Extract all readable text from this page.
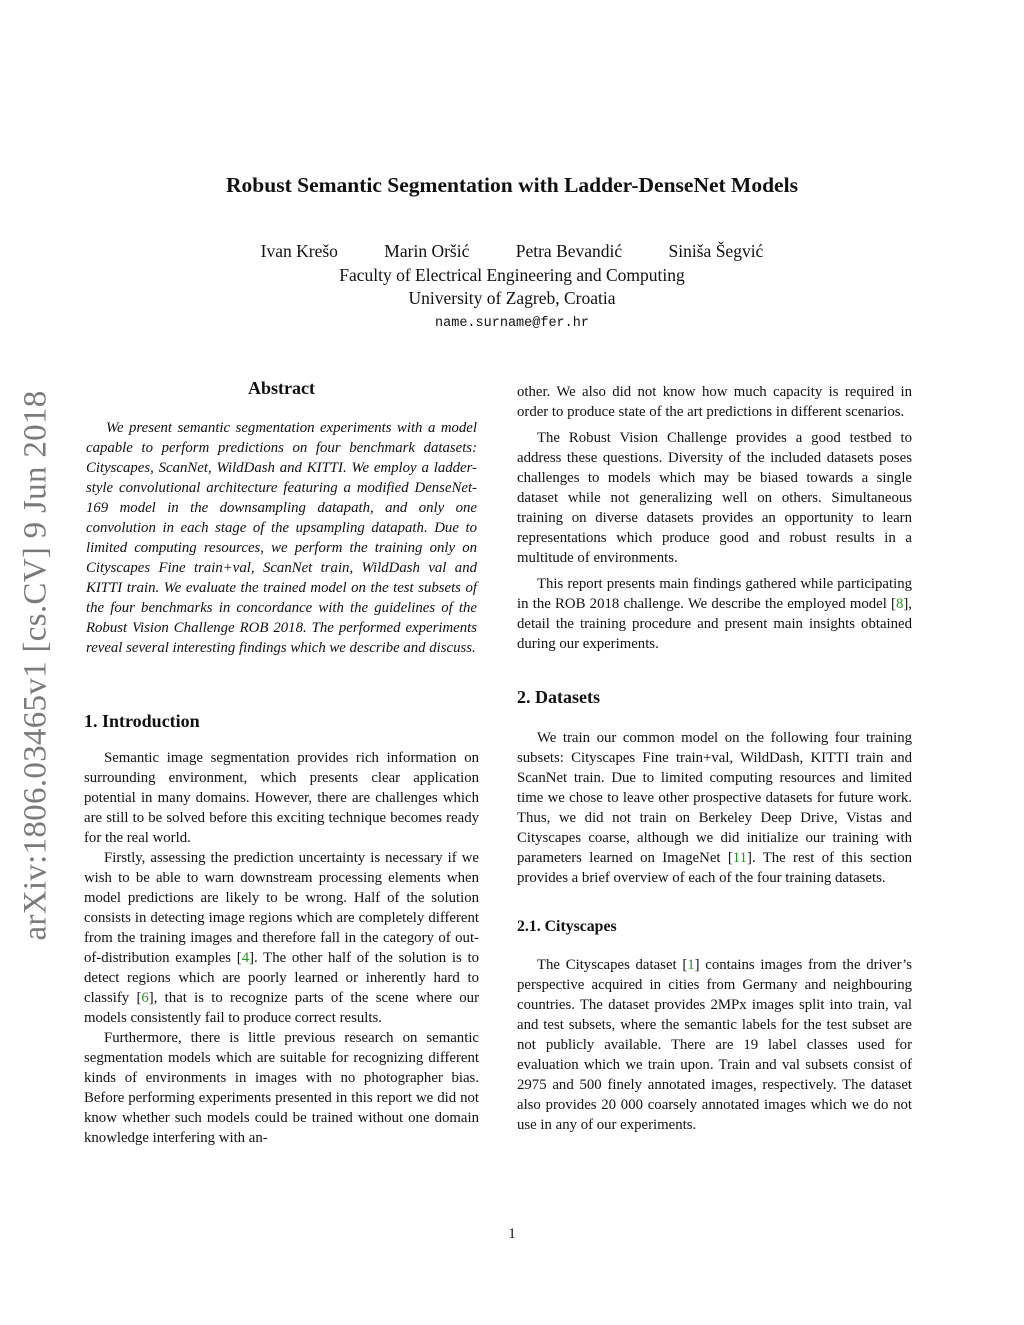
arXiv:1806.03465v1 [cs.CV] 9 Jun 2018
Robust Semantic Segmentation with Ladder-DenseNet Models
Ivan Krešo	Marin Oršić	Petra Bevandić	Siniša Šegvić
Faculty of Electrical Engineering and Computing
University of Zagreb, Croatia
name.surname@fer.hr
Abstract

We present semantic segmentation experiments with a model capable to perform predictions on four benchmark datasets: Cityscapes, ScanNet, WildDash and KITTI. We employ a ladder-style convolutional architecture featuring a modified DenseNet-169 model in the downsampling datapath, and only one convolution in each stage of the upsampling datapath. Due to limited computing resources, we perform the training only on Cityscapes Fine train+val, ScanNet train, WildDash val and KITTI train. We evaluate the trained model on the test subsets of the four benchmarks in concordance with the guidelines of the Robust Vision Challenge ROB 2018. The performed experiments reveal several interesting findings which we describe and discuss.

1. Introduction

Semantic image segmentation provides rich information on surrounding environment, which presents clear application potential in many domains. However, there are challenges which are still to be solved before this exciting technique becomes ready for the real world.

Firstly, assessing the prediction uncertainty is necessary if we wish to be able to warn downstream processing elements when model predictions are likely to be wrong. Half of the solution consists in detecting image regions which are completely different from the training images and therefore fall in the category of out-of-distribution examples [4]. The other half of the solution is to detect regions which are poorly learned or inherently hard to classify [6], that is to recognize parts of the scene where our models consistently fail to produce correct results.

Furthermore, there is little previous research on semantic segmentation models which are suitable for recognizing different kinds of environments in images with no photographer bias. Before performing experiments presented in this report we did not know whether such models could be trained without one domain knowledge interfering with an-

other. We also did not know how much capacity is required in order to produce state of the art predictions in different scenarios.

The Robust Vision Challenge provides a good testbed to address these questions. Diversity of the included datasets poses challenges to models which may be biased towards a single dataset while not generalizing well on others. Simultaneous training on diverse datasets provides an opportunity to learn representations which produce good and robust results in a multitude of environments.

This report presents main findings gathered while participating in the ROB 2018 challenge. We describe the employed model [8], detail the training procedure and present main insights obtained during our experiments.

2. Datasets

We train our common model on the following four training subsets: Cityscapes Fine train+val, WildDash, KITTI train and ScanNet train. Due to limited computing resources and limited time we chose to leave other prospective datasets for future work. Thus, we did not train on Berkeley Deep Drive, Vistas and Cityscapes coarse, although we did initialize our training with parameters learned on ImageNet [11]. The rest of this section provides a brief overview of each of the four training datasets.

2.1. Cityscapes

The Cityscapes dataset [1] contains images from the driver’s perspective acquired in cities from Germany and neighbouring countries. The dataset provides 2MPx images split into train, val and test subsets, where the semantic labels for the test subset are not publicly available. There are 19 label classes used for evaluation which we train upon. Train and val subsets consist of 2975 and 500 finely annotated images, respectively. The dataset also provides 20 000 coarsely annotated images which we do not use in any of our experiments.

1
